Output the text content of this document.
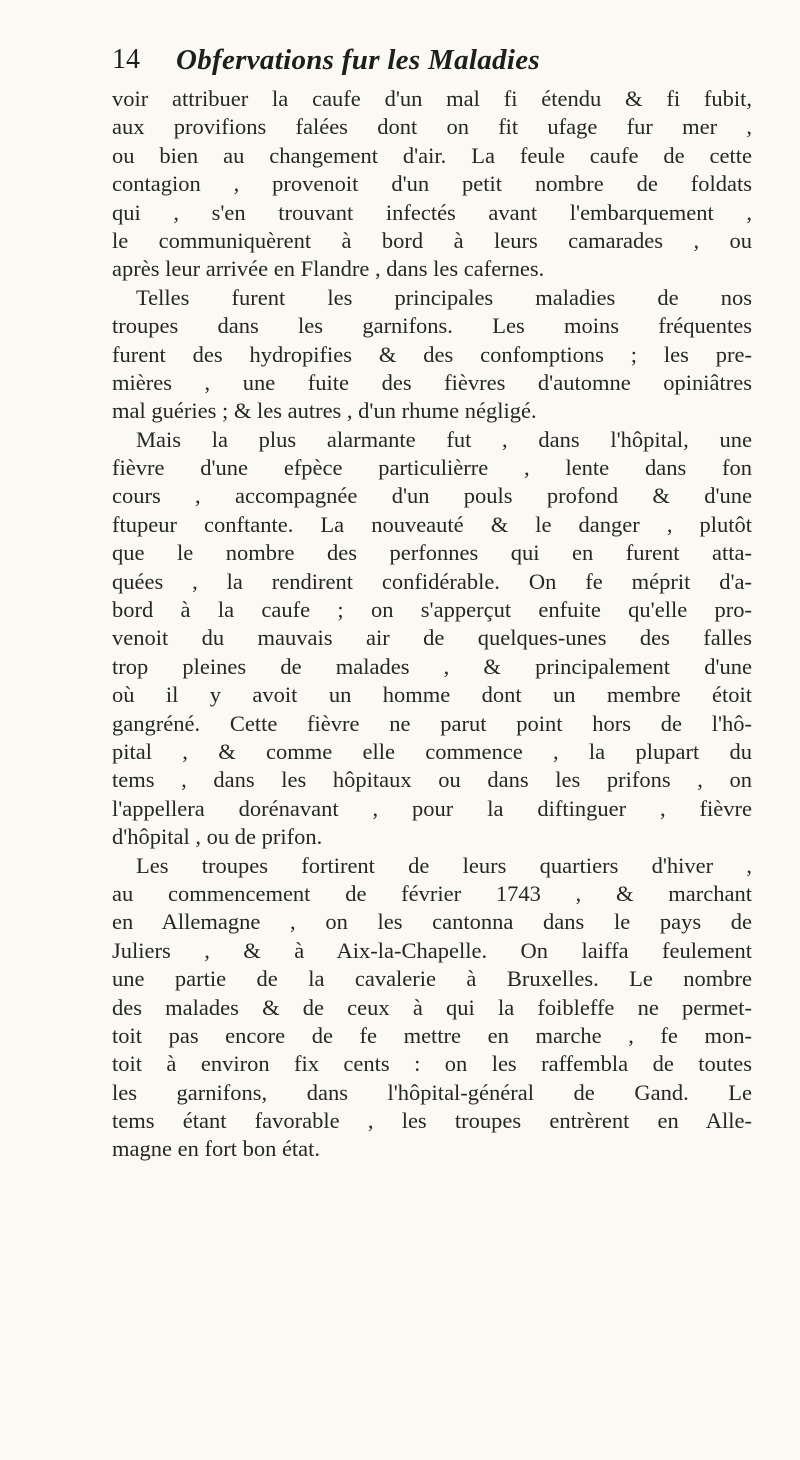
14 Obfervations fur les Maladies
voir attribuer la caufe d'un mal fi étendu & fi fubit,
aux provifions falées dont on fit ufage fur mer ,
ou bien au changement d'air. La feule caufe de cette
contagion , provenoit d'un petit nombre de foldats
qui , s'en trouvant infectés avant l'embarquement ,
le communiquèrent à bord à leurs camarades , ou
après leur arrivée en Flandre , dans les cafernes.
Telles furent les principales maladies de nos
troupes dans les garnifons. Les moins fréquentes
furent des hydropifies & des confomptions ; les pre-
mières , une fuite des fièvres d'automne opiniâtres
mal guéries ; & les autres , d'un rhume négligé.
Mais la plus alarmante fut , dans l'hôpital, une
fièvre d'une efpèce particulièrre , lente dans fon
cours , accompagnée d'un pouls profond & d'une
ftupeur conftante. La nouveauté & le danger , plutôt
que le nombre des perfonnes qui en furent atta-
quées , la rendirent confidérable. On fe méprit d'a-
bord à la caufe ; on s'apperçut enfuite qu'elle pro-
venoit du mauvais air de quelques-unes des falles
trop pleines de malades , & principalement d'une
où il y avoit un homme dont un membre étoit
gangréné. Cette fièvre ne parut point hors de l'hô-
pital , & comme elle commence , la plupart du
tems , dans les hôpitaux ou dans les prifons , on
l'appellera dorénavant , pour la diftinguer , fièvre
d'hôpital , ou de prifon.
Les troupes fortirent de leurs quartiers d'hiver ,
au commencement de février 1743 , & marchant
en Allemagne , on les cantonna dans le pays de
Juliers , & à Aix-la-Chapelle. On laiffa feulement
une partie de la cavalerie à Bruxelles. Le nombre
des malades & de ceux à qui la foibleffe ne permet-
toit pas encore de fe mettre en marche , fe mon-
toit à environ fix cents : on les raffembla de toutes
les garnifons, dans l'hôpital-général de Gand. Le
tems étant favorable , les troupes entrèrent en Alle-
magne en fort bon état.
